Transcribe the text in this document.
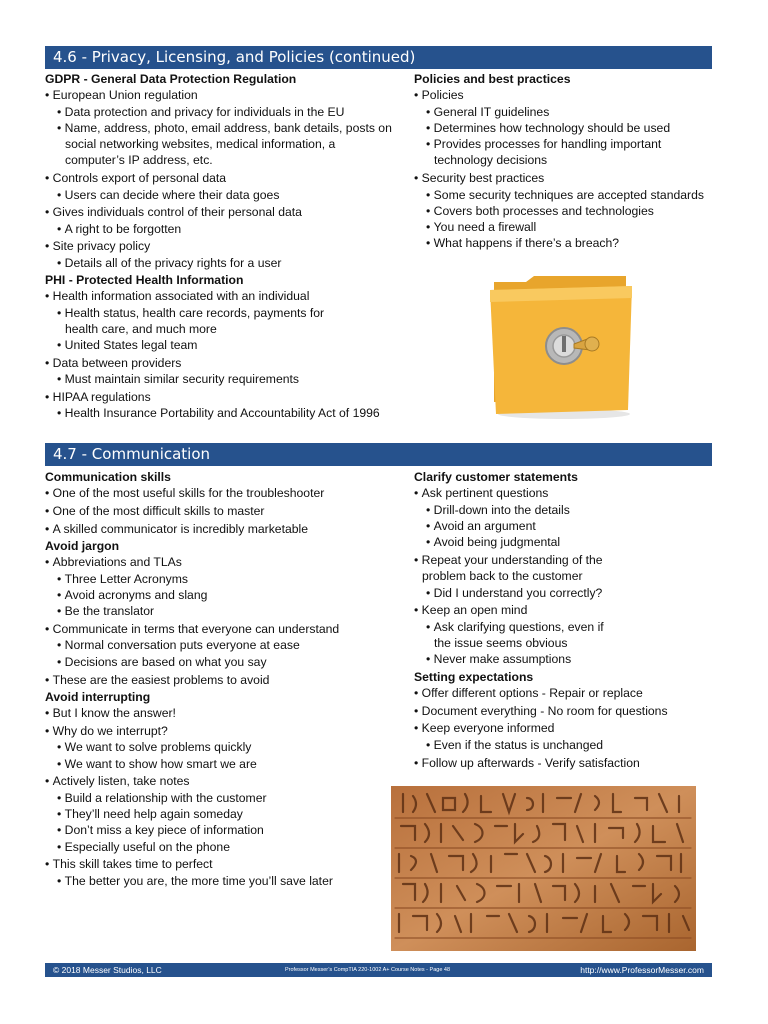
4.6 - Privacy, Licensing, and Policies (continued)
GDPR - General Data Protection Regulation
• European Union regulation
• Data protection and privacy for individuals in the EU
• Name, address, photo, email address, bank details, posts on social networking websites, medical information, a computer’s IP address, etc.
• Controls export of personal data
• Users can decide where their data goes
• Gives individuals control of their personal data
• A right to be forgotten
• Site privacy policy
• Details all of the privacy rights for a user
PHI - Protected Health Information
• Health information associated with an individual
• Health status, health care records, payments for health care, and much more
• United States legal team
• Data between providers
• Must maintain similar security requirements
• HIPAA regulations
• Health Insurance Portability and Accountability Act of 1996
Policies and best practices
• Policies
• General IT guidelines
• Determines how technology should be used
• Provides processes for handling important technology decisions
• Security best practices
• Some security techniques are accepted standards
• Covers both processes and technologies
• You need a firewall
• What happens if there’s a breach?
4.7 - Communication
Communication skills
• One of the most useful skills for the troubleshooter
• One of the most difficult skills to master
• A skilled communicator is incredibly marketable
Avoid jargon
• Abbreviations and TLAs
• Three Letter Acronyms
• Avoid acronyms and slang
• Be the translator
• Communicate in terms that everyone can understand
• Normal conversation puts everyone at ease
• Decisions are based on what you say
• These are the easiest problems to avoid
Avoid interrupting
• But I know the answer!
• Why do we interrupt?
• We want to solve problems quickly
• We want to show how smart we are
• Actively listen, take notes
• Build a relationship with the customer
• They’ll need help again someday
• Don’t miss a key piece of information
• Especially useful on the phone
• This skill takes time to perfect
• The better you are, the more time you’ll save later
Clarify customer statements
• Ask pertinent questions
• Drill-down into the details
• Avoid an argument
• Avoid being judgmental
• Repeat your understanding of the problem back to the customer
• Did I understand you correctly?
• Keep an open mind
• Ask clarifying questions, even if the issue seems obvious
• Never make assumptions
Setting expectations
• Offer different options - Repair or replace
• Document everything - No room for questions
• Keep everyone informed
• Even if the status is unchanged
• Follow up afterwards - Verify satisfaction
© 2018 Messer Studios, LLC	Professor Messer’s CompTIA 220-1002 A+ Course Notes - Page 48	http://www.ProfessorMesser.com
